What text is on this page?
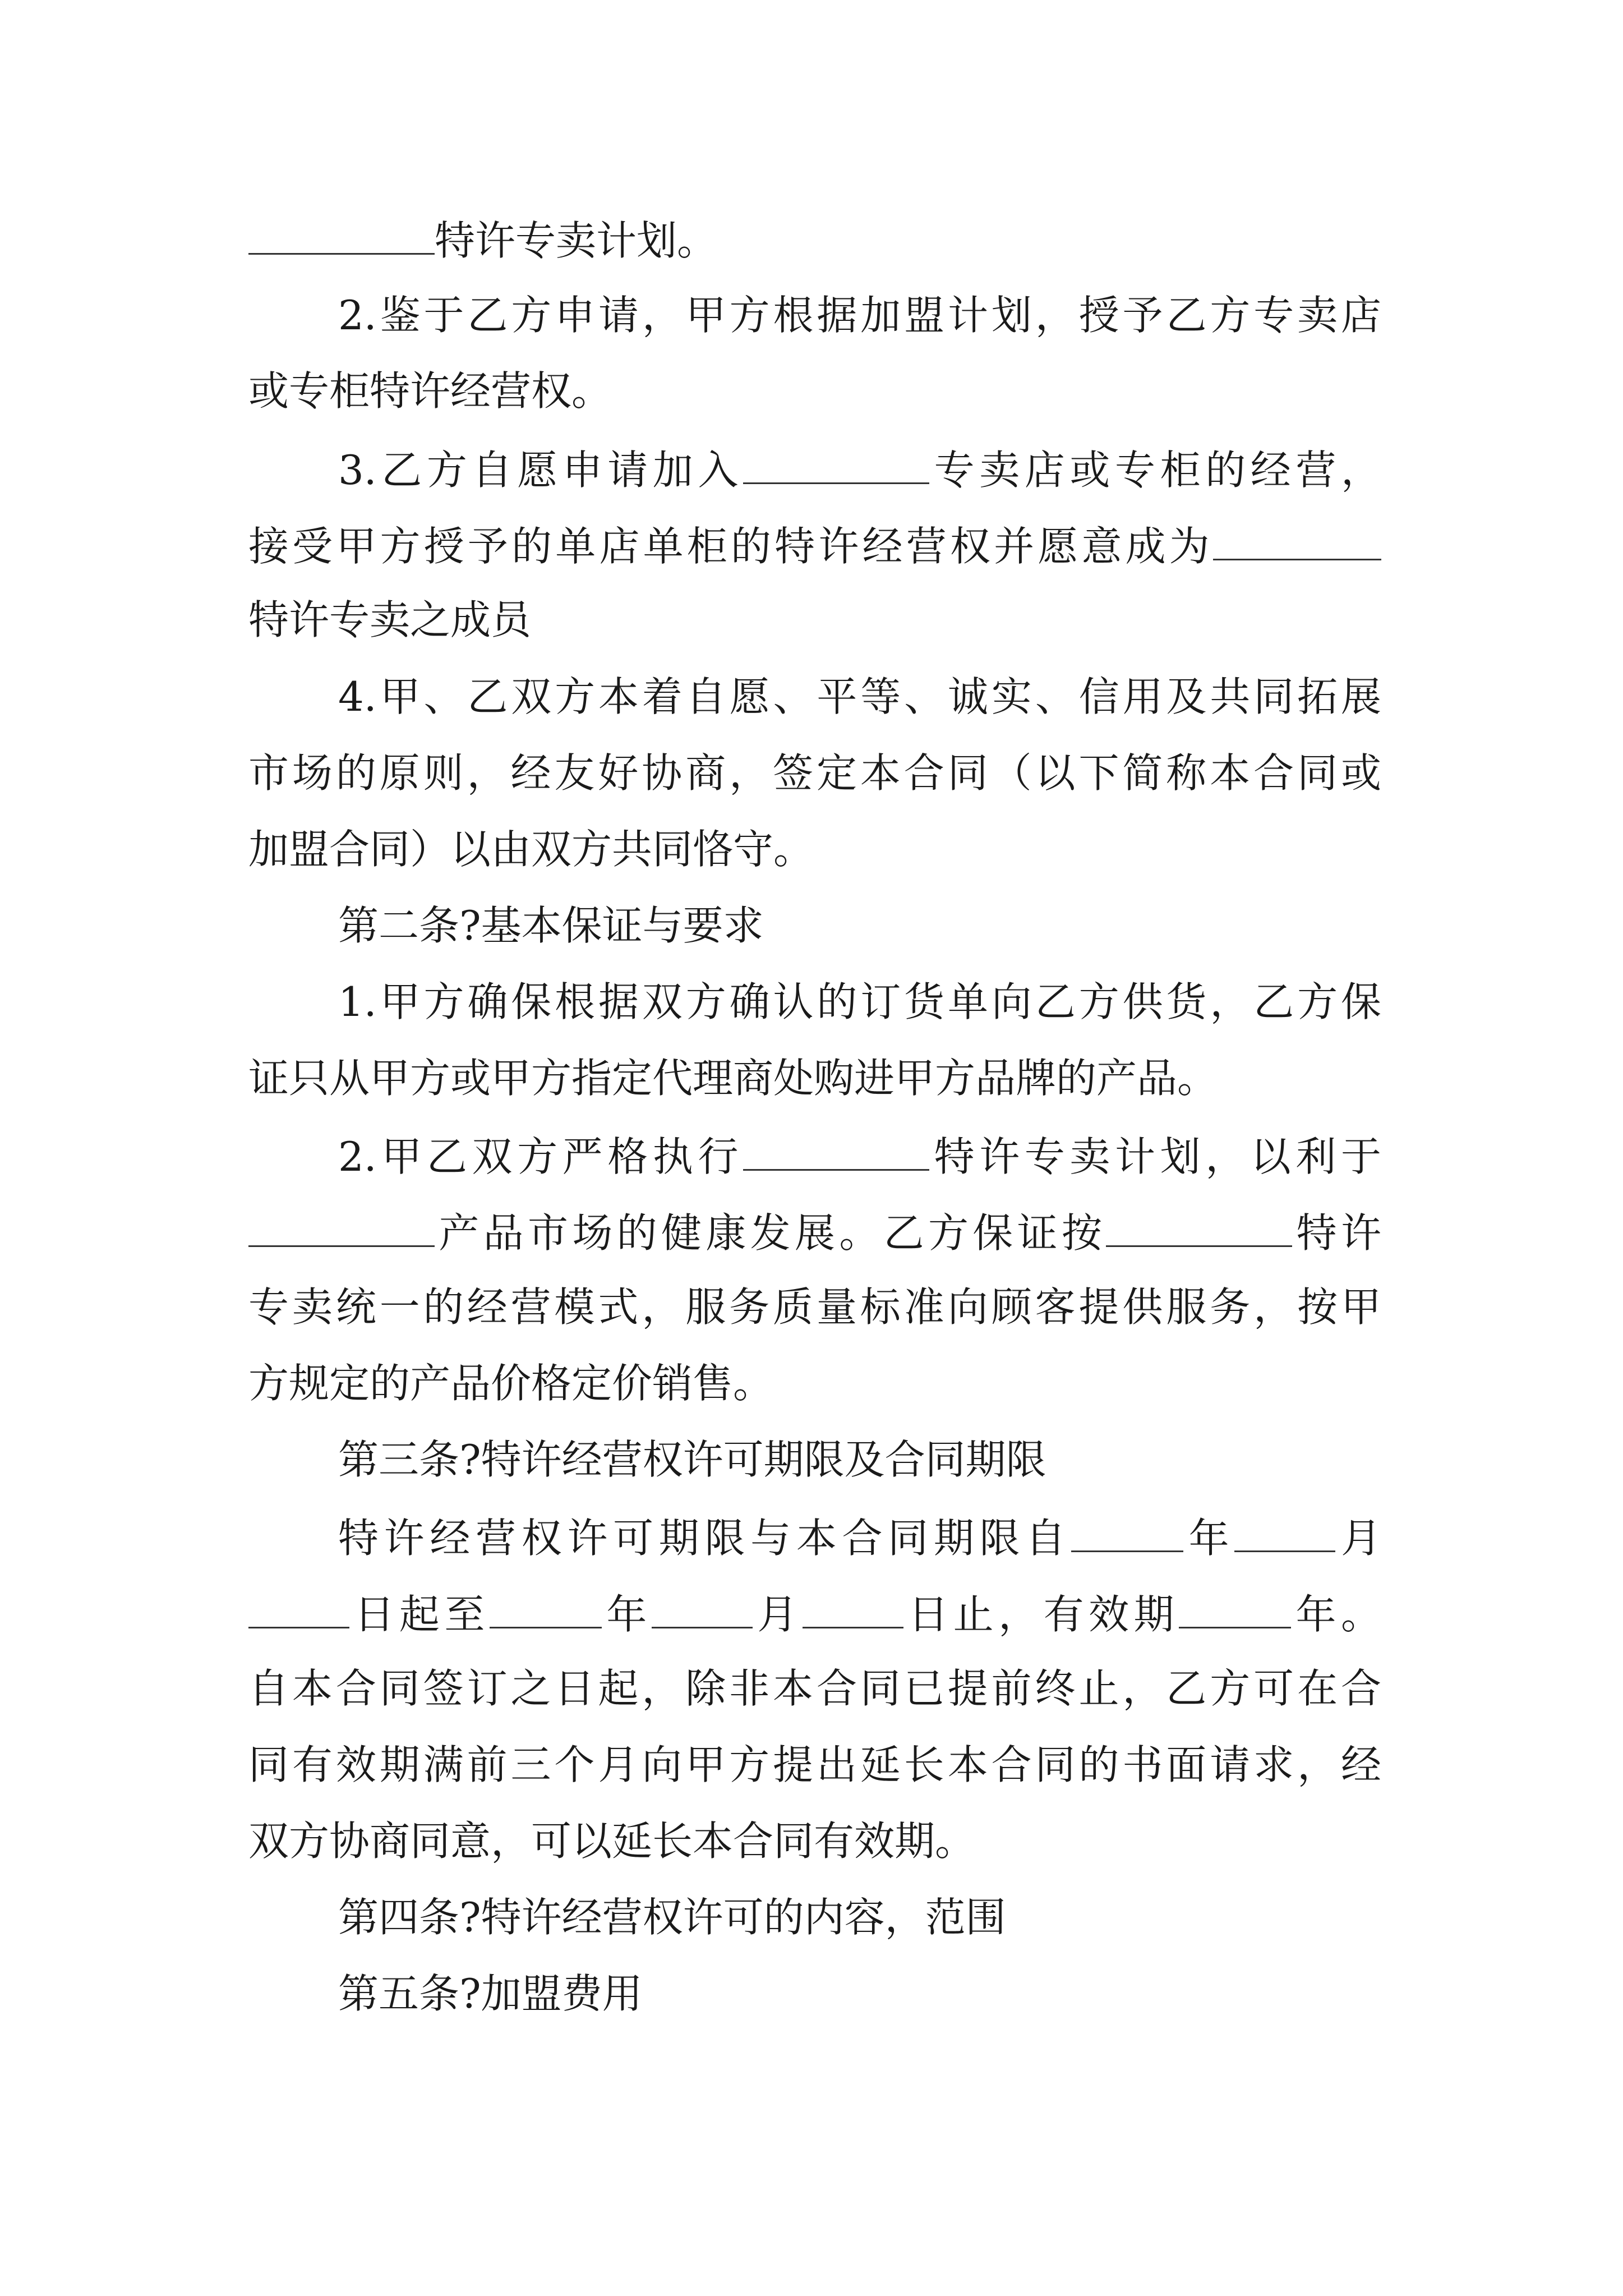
特许专卖计划。
2.鉴于乙方申请，甲方根据加盟计划，授予乙方专卖店
或专柜特许经营权。
3.乙方自愿申请加入	专卖店或专柜的经营，
接受甲方授予的单店单柜的特许经营权并愿意成为
特许专卖之成员
4.甲、乙双方本着自愿、平等、诚实、信用及共同拓展
市场的原则，经友好协商，签定本合同（以下简称本合同或
加盟合同）以由双方共同恪守。
第二条?基本保证与要求
1.甲方确保根据双方确认的订货单向乙方供货，乙方保
证只从甲方或甲方指定代理商处购进甲方品牌的产品。
2.甲乙双方严格执行	特许专卖计划，以利于
产品市场的健康发展。乙方保证按	特许
专卖统一的经营模式，服务质量标准向顾客提供服务，按甲
方规定的产品价格定价销售。
第三条?特许经营权许可期限及合同期限
特许经营权许可期限与本合同期限自	年	月
日起至	年	月	日止，有效期	年。
自本合同签订之日起，除非本合同已提前终止，乙方可在合
同有效期满前三个月向甲方提出延长本合同的书面请求，经
双方协商同意，可以延长本合同有效期。
第四条?特许经营权许可的内容，范围
第五条?加盟费用
